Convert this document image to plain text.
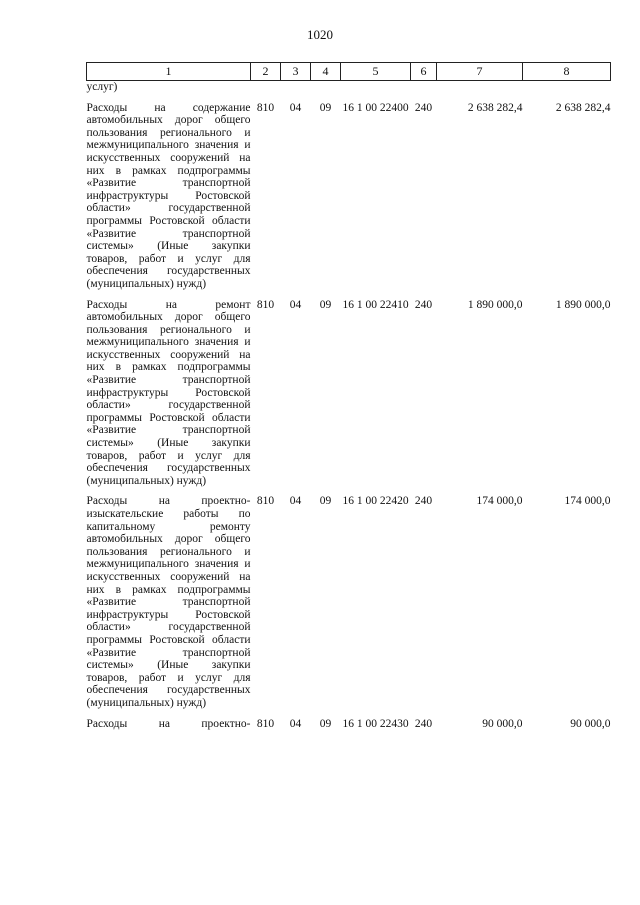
1020
1	2	3	4	5	6	7	8
услуг)							
Расходы на содержание автомобильных дорог общего пользования регионального и межмуниципального значения и искусственных сооружений на них в рамках подпрограммы «Развитие транспортной инфраструктуры Ростовской области» государственной программы Ростовской области «Развитие транспортной системы» (Иные закупки товаров, работ и услуг для обеспечения государственных (муниципальных) нужд)	810	04	09	16 1 00 22400	240	2 638 282,4	2 638 282,4
Расходы на ремонт автомобильных дорог общего пользования регионального и межмуниципального значения и искусственных сооружений на них в рамках подпрограммы «Развитие транспортной инфраструктуры Ростовской области» государственной программы Ростовской области «Развитие транспортной системы» (Иные закупки товаров, работ и услуг для обеспечения государственных (муниципальных) нужд)	810	04	09	16 1 00 22410	240	1 890 000,0	1 890 000,0
Расходы на проектно-изыскательские работы по капитальному ремонту автомобильных дорог общего пользования регионального и межмуниципального значения и искусственных сооружений на них в рамках подпрограммы «Развитие транспортной инфраструктуры Ростовской области» государственной программы Ростовской области «Развитие транспортной системы» (Иные закупки товаров, работ и услуг для обеспечения государственных (муниципальных) нужд)	810	04	09	16 1 00 22420	240	174 000,0	174 000,0
Расходы на проектно-	810	04	09	16 1 00 22430	240	90 000,0	90 000,0
